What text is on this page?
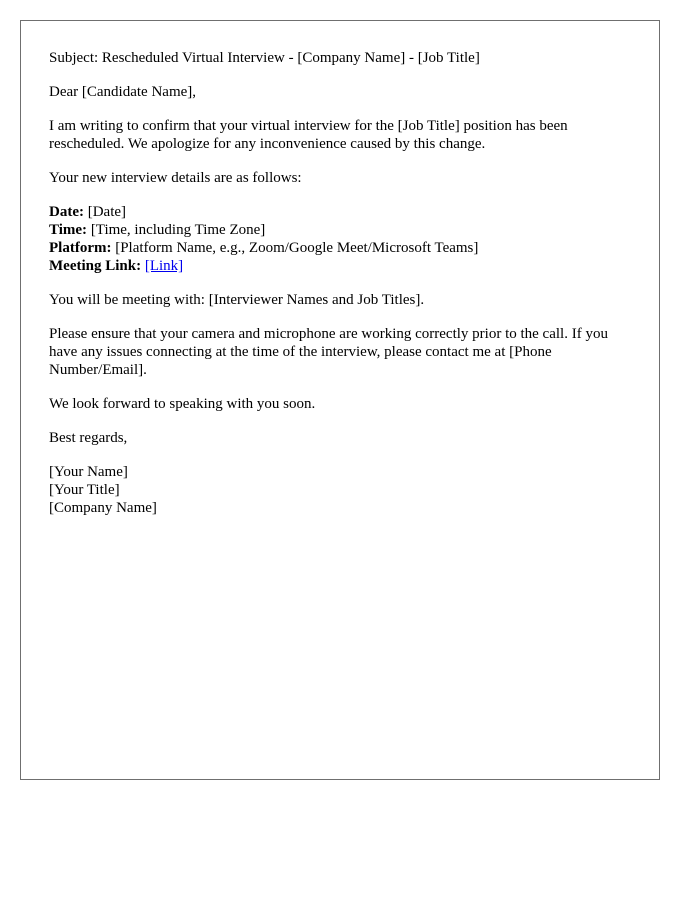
Subject: Rescheduled Virtual Interview - [Company Name] - [Job Title]

Dear [Candidate Name],

I am writing to confirm that your virtual interview for the [Job Title] position has been rescheduled. We apologize for any inconvenience caused by this change.

Your new interview details are as follows:

Date: [Date]
Time: [Time, including Time Zone]
Platform: [Platform Name, e.g., Zoom/Google Meet/Microsoft Teams]
Meeting Link: [Link]

You will be meeting with: [Interviewer Names and Job Titles].

Please ensure that your camera and microphone are working correctly prior to the call. If you have any issues connecting at the time of the interview, please contact me at [Phone Number/Email].

We look forward to speaking with you soon.

Best regards,

[Your Name]
[Your Title]
[Company Name]
